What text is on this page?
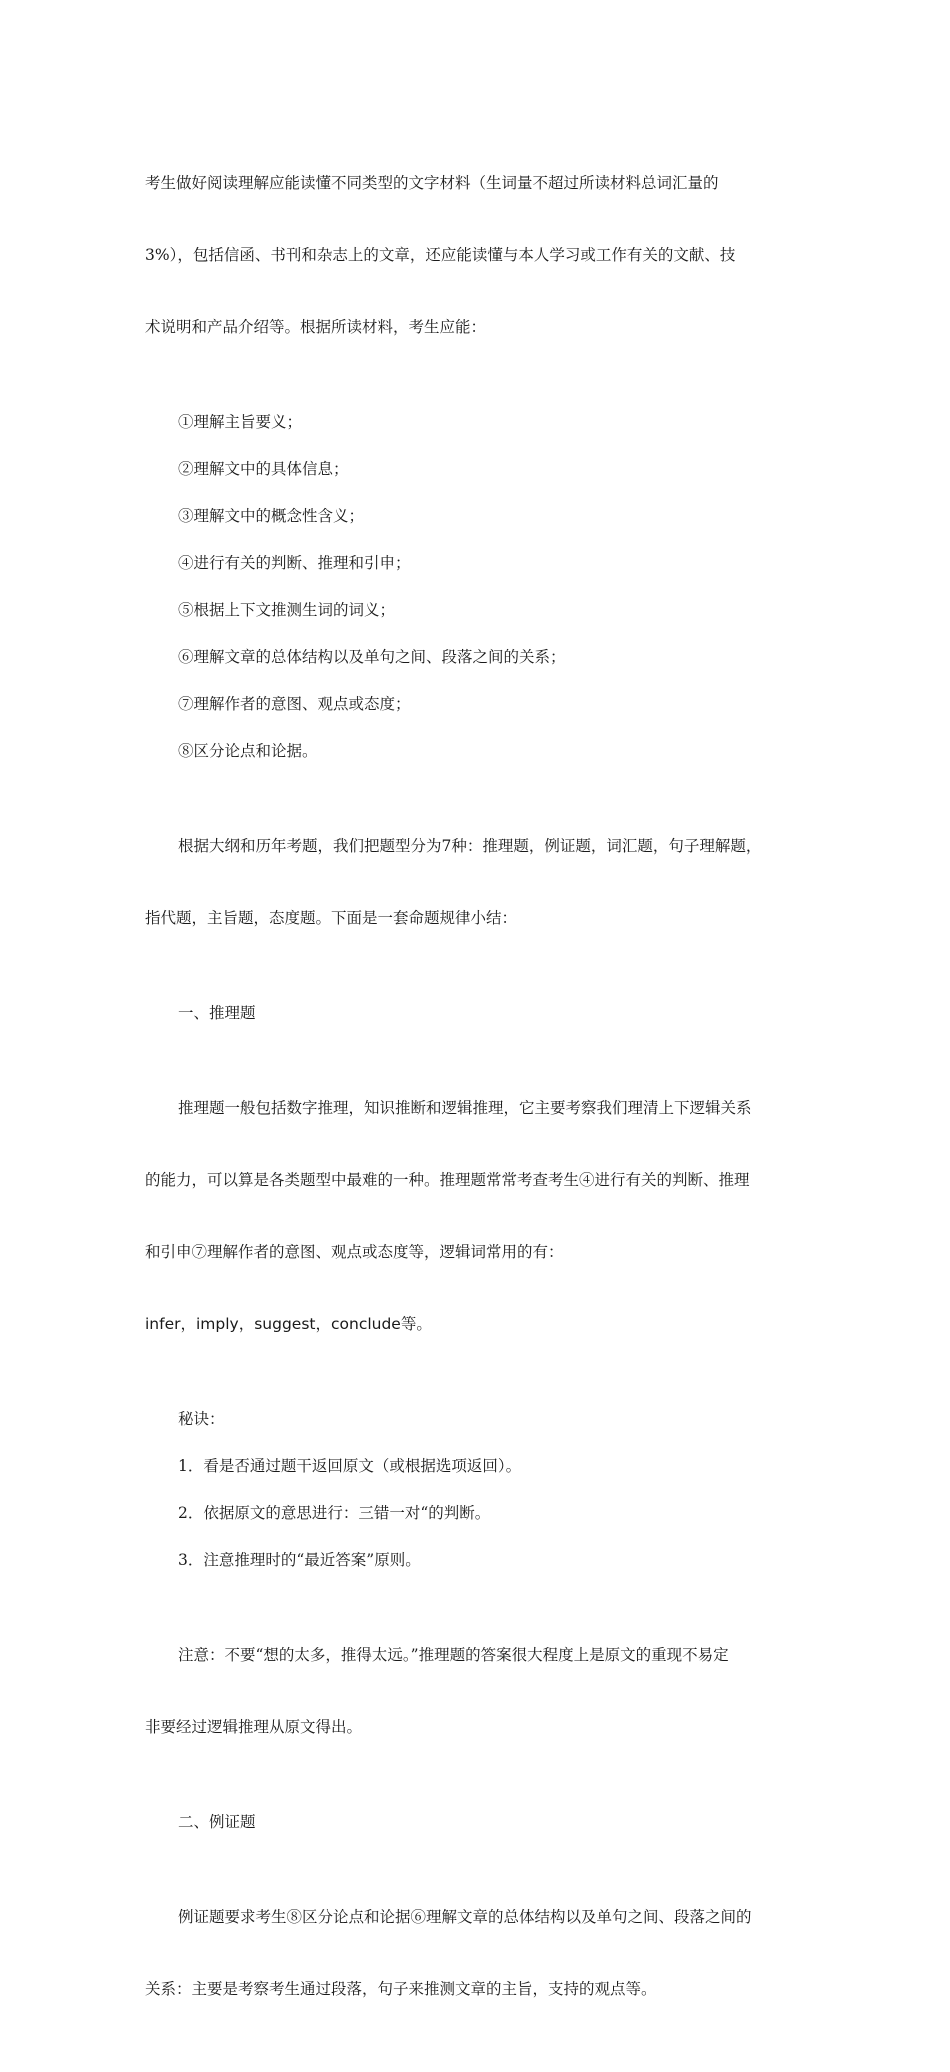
考生做好阅读理解应能读懂不同类型的文字材料（生词量不超过所读材料总词汇量的

3%），包括信函、书刊和杂志上的文章，还应能读懂与本人学习或工作有关的文献、技

术说明和产品介绍等。根据所读材料，考生应能：

①理解主旨要义；
②理解文中的具体信息；
③理解文中的概念性含义；
④进行有关的判断、推理和引申；
⑤根据上下文推测生词的词义；
⑥理解文章的总体结构以及单句之间、段落之间的关系；
⑦理解作者的意图、观点或态度；
⑧区分论点和论据。

根据大纲和历年考题，我们把题型分为7种：推理题，例证题，词汇题，句子理解题，

指代题，主旨题，态度题。下面是一套命题规律小结：

一、推理题

推理题一般包括数字推理，知识推断和逻辑推理，它主要考察我们理清上下逻辑关系

的能力，可以算是各类题型中最难的一种。推理题常常考查考生④进行有关的判断、推理

和引申⑦理解作者的意图、观点或态度等，逻辑词常用的有：

infer，imply，suggest，conclude等。

秘诀：
1．看是否通过题干返回原文（或根据选项返回）。
2．依据原文的意思进行：三错一对“的判断。
3．注意推理时的“最近答案”原则。

注意：不要“想的太多，推得太远。”推理题的答案很大程度上是原文的重现不易定

非要经过逻辑推理从原文得出。

二、例证题

例证题要求考生⑧区分论点和论据⑥理解文章的总体结构以及单句之间、段落之间的

关系：主要是考察考生通过段落，句子来推测文章的主旨，支持的观点等。
